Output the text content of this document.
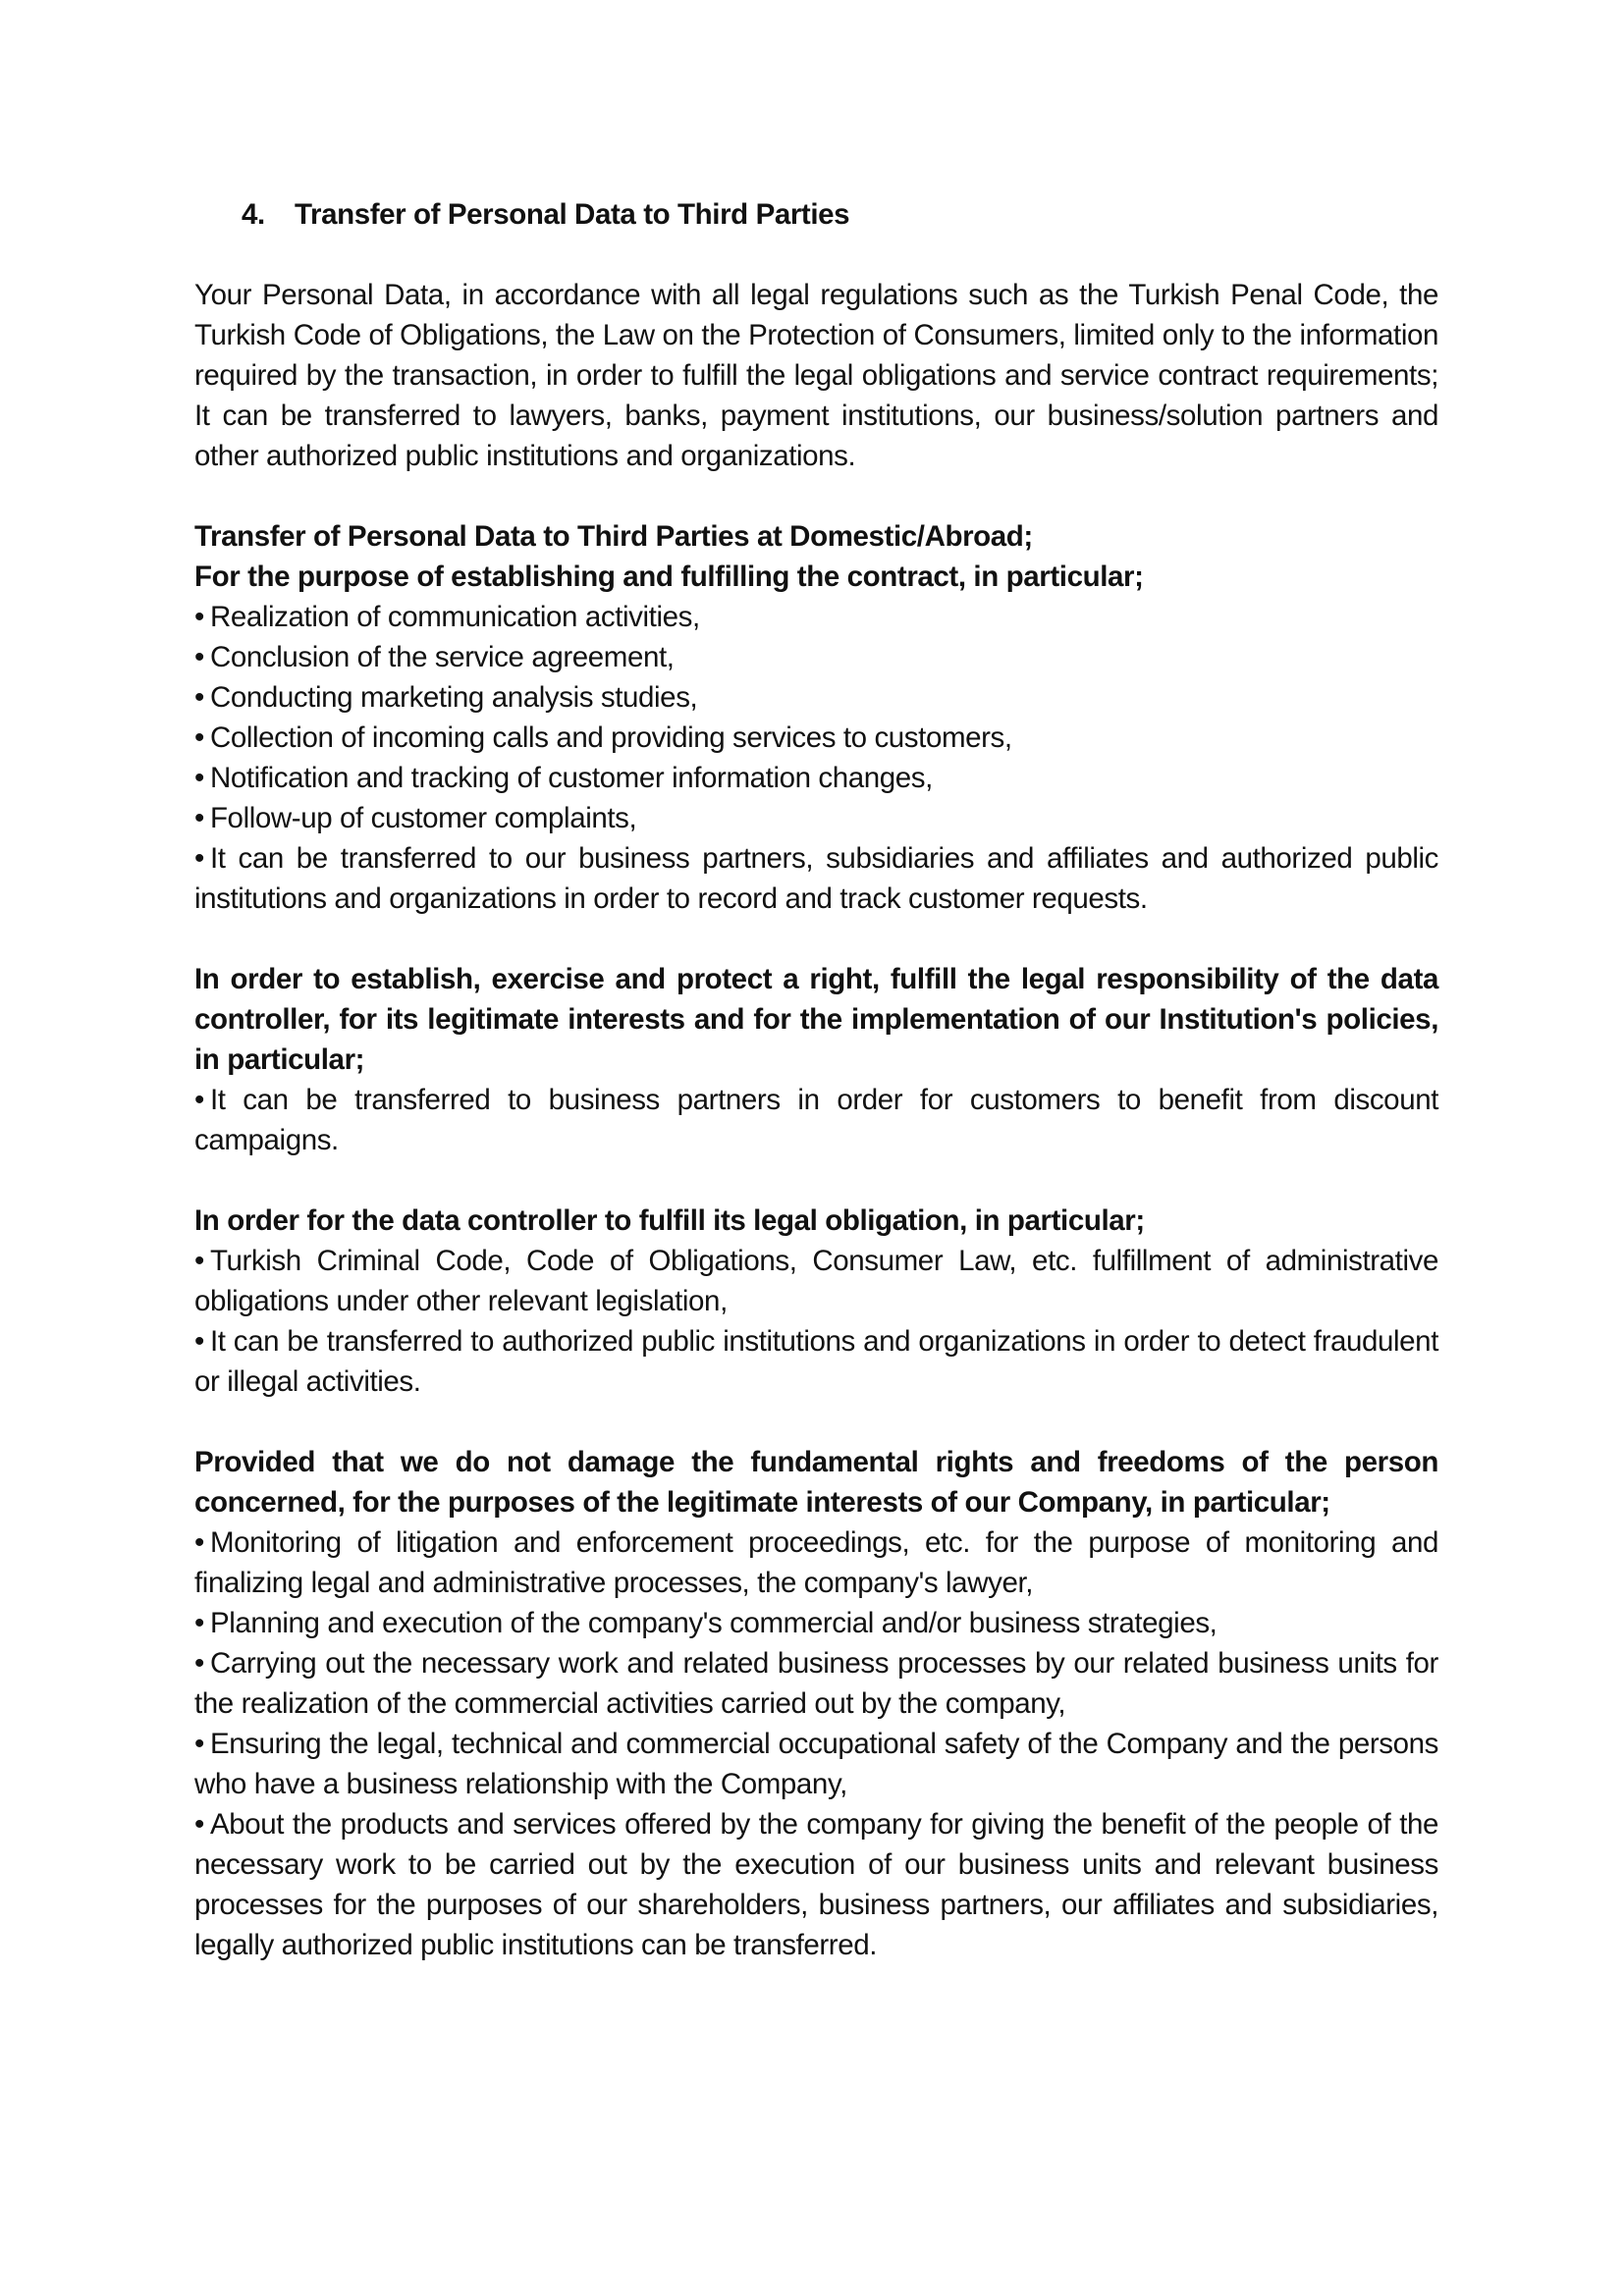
4. Transfer of Personal Data to Third Parties

Your Personal Data, in accordance with all legal regulations such as the Turkish Penal Code, the Turkish Code of Obligations, the Law on the Protection of Consumers, limited only to the information required by the transaction, in order to fulfill the legal obligations and service contract requirements; It can be transferred to lawyers, banks, payment institutions, our business/solution partners and other authorized public institutions and organizations.

Transfer of Personal Data to Third Parties at Domestic/Abroad;

For the purpose of establishing and fulfilling the contract, in particular;

• Realization of communication activities,
• Conclusion of the service agreement,
• Conducting marketing analysis studies,
• Collection of incoming calls and providing services to customers,
• Notification and tracking of customer information changes,
• Follow-up of customer complaints,
• It can be transferred to our business partners, subsidiaries and affiliates and authorized public institutions and organizations in order to record and track customer requests.

In order to establish, exercise and protect a right, fulfill the legal responsibility of the data controller, for its legitimate interests and for the implementation of our Institution's policies, in particular;

• It can be transferred to business partners in order for customers to benefit from discount campaigns.

In order for the data controller to fulfill its legal obligation, in particular;

• Turkish Criminal Code, Code of Obligations, Consumer Law, etc. fulfillment of administrative obligations under other relevant legislation,
• It can be transferred to authorized public institutions and organizations in order to detect fraudulent or illegal activities.

Provided that we do not damage the fundamental rights and freedoms of the person concerned, for the purposes of the legitimate interests of our Company, in particular;

• Monitoring of litigation and enforcement proceedings, etc. for the purpose of monitoring and finalizing legal and administrative processes, the company's lawyer,
• Planning and execution of the company's commercial and/or business strategies,
• Carrying out the necessary work and related business processes by our related business units for the realization of the commercial activities carried out by the company,
• Ensuring the legal, technical and commercial occupational safety of the Company and the persons who have a business relationship with the Company,
• About the products and services offered by the company for giving the benefit of the people of the necessary work to be carried out by the execution of our business units and relevant business processes for the purposes of our shareholders, business partners, our affiliates and subsidiaries, legally authorized public institutions can be transferred.
